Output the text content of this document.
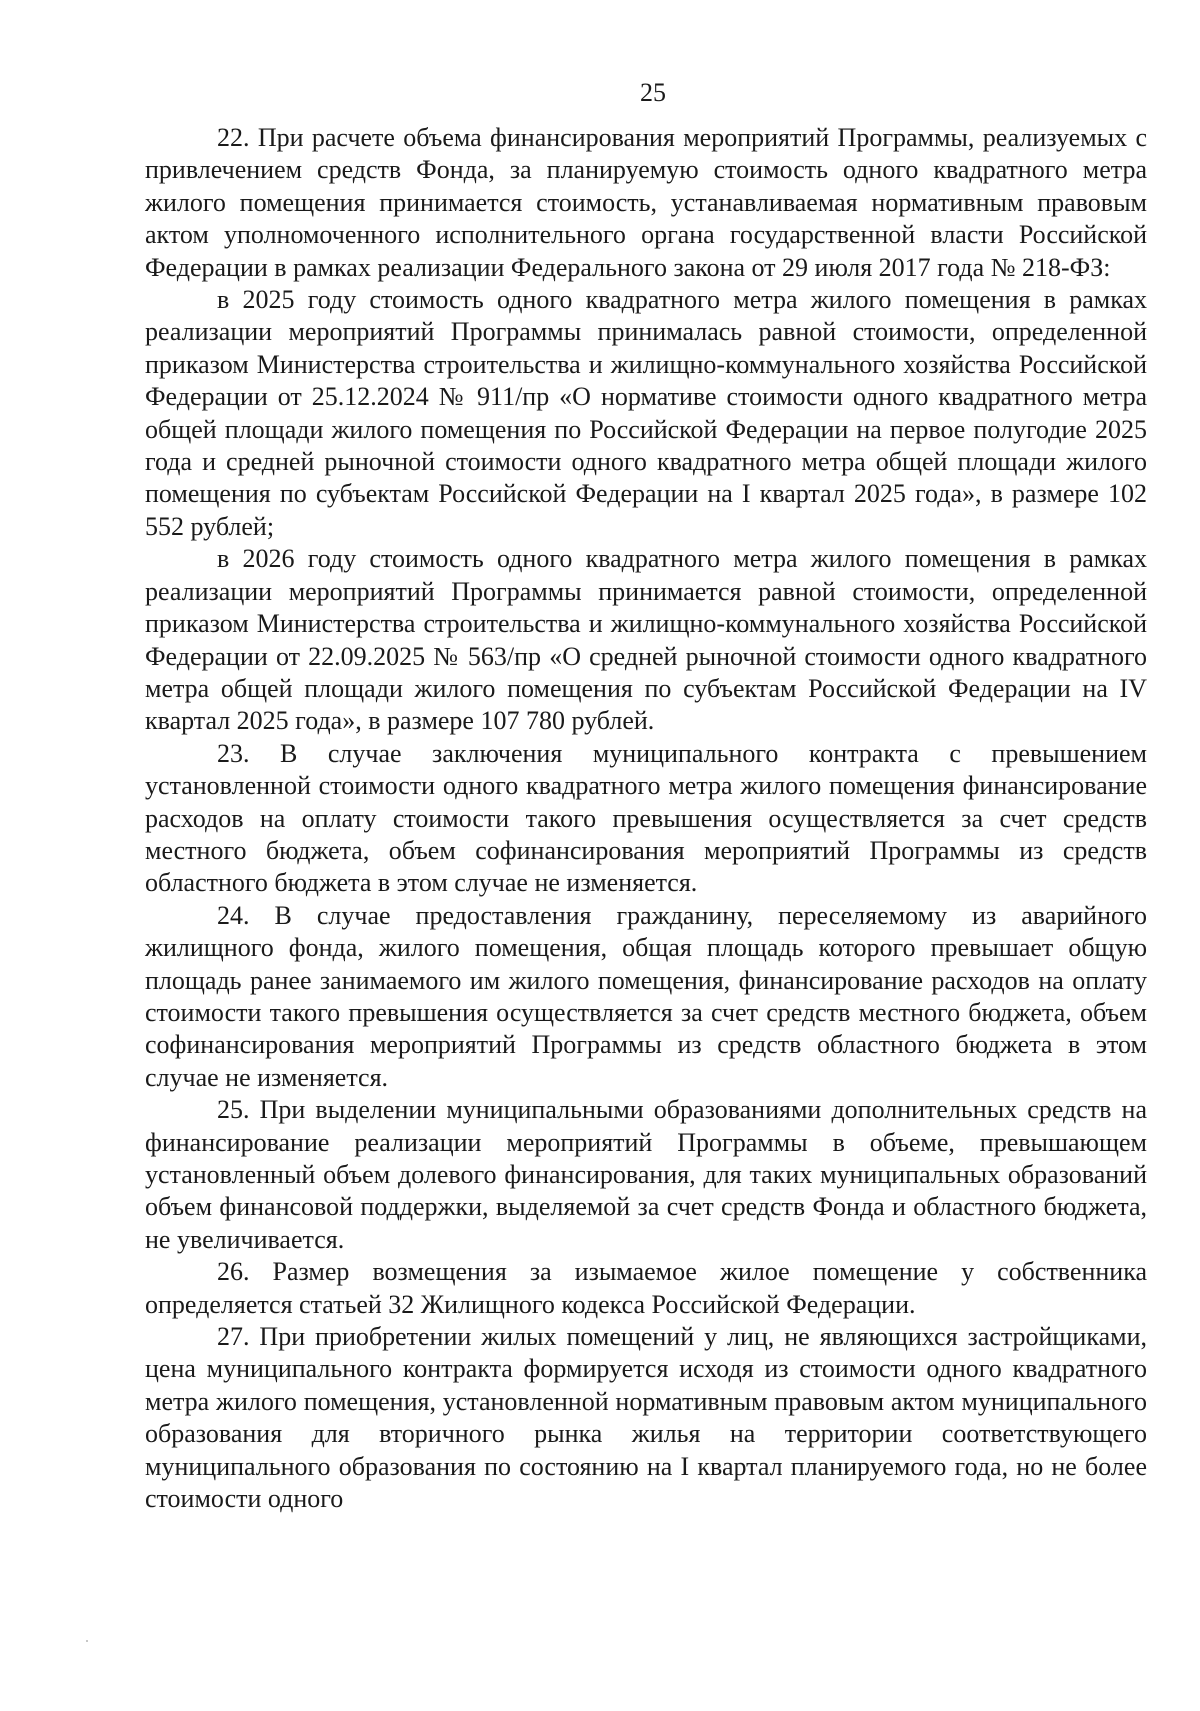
25

22. При расчете объема финансирования мероприятий Программы, реализуемых с привлечением средств Фонда, за планируемую стоимость одного квадратного метра жилого помещения принимается стоимость, устанавливаемая нормативным правовым актом уполномоченного исполнительного органа государственной власти Российской Федерации в рамках реализации Федерального закона от 29 июля 2017 года № 218-ФЗ:

в 2025 году стоимость одного квадратного метра жилого помещения в рамках реализации мероприятий Программы принималась равной стоимости, определенной приказом Министерства строительства и жилищно-коммунального хозяйства Российской Федерации от 25.12.2024 № 911/пр «О нормативе стоимости одного квадратного метра общей площади жилого помещения по Российской Федерации на первое полугодие 2025 года и средней рыночной стоимости одного квадратного метра общей площади жилого помещения по субъектам Российской Федерации на I квартал 2025 года», в размере 102 552 рублей;

в 2026 году стоимость одного квадратного метра жилого помещения в рамках реализации мероприятий Программы принимается равной стоимости, определенной приказом Министерства строительства и жилищно-коммунального хозяйства Российской Федерации от 22.09.2025 № 563/пр «О средней рыночной стоимости одного квадратного метра общей площади жилого помещения по субъектам Российской Федерации на IV квартал 2025 года», в размере 107 780 рублей.

23. В случае заключения муниципального контракта с превышением установленной стоимости одного квадратного метра жилого помещения финансирование расходов на оплату стоимости такого превышения осуществляется за счет средств местного бюджета, объем софинансирования мероприятий Программы из средств областного бюджета в этом случае не изменяется.

24. В случае предоставления гражданину, переселяемому из аварийного жилищного фонда, жилого помещения, общая площадь которого превышает общую площадь ранее занимаемого им жилого помещения, финансирование расходов на оплату стоимости такого превышения осуществляется за счет средств местного бюджета, объем софинансирования мероприятий Программы из средств областного бюджета в этом случае не изменяется.

25. При выделении муниципальными образованиями дополнительных средств на финансирование реализации мероприятий Программы в объеме, превышающем установленный объем долевого финансирования, для таких муниципальных образований объем финансовой поддержки, выделяемой за счет средств Фонда и областного бюджета, не увеличивается.

26. Размер возмещения за изымаемое жилое помещение у собственника определяется статьей 32 Жилищного кодекса Российской Федерации.

27. При приобретении жилых помещений у лиц, не являющихся застройщиками, цена муниципального контракта формируется исходя из стоимости одного квадратного метра жилого помещения, установленной нормативным правовым актом муниципального образования для вторичного рынка жилья на территории соответствующего муниципального образования по состоянию на I квартал планируемого года, но не более стоимости одного
